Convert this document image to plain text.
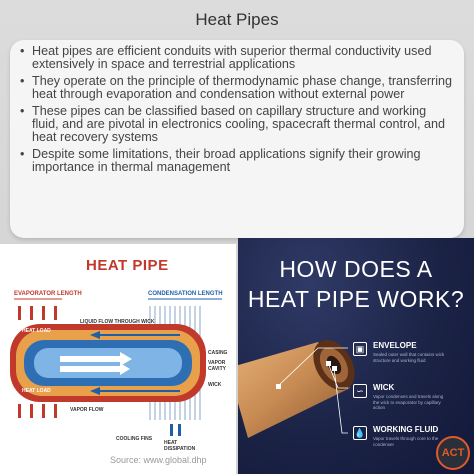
Heat Pipes
• Heat pipes are efficient conduits with superior thermal conductivity used extensively in space and terrestrial applications
• They operate on the principle of thermodynamic phase change, transferring heat through evaporation and condensation without external power
• These pipes can be classified based on capillary structure and working fluid, and are pivotal in electronics cooling, spacecraft thermal control, and heat recovery systems
• Despite some limitations, their broad applications signify their growing importance in thermal management
HEAT PIPE
EVAPORATOR LENGTH	CONDENSATION LENGTH
HEAT LOAD
HEAT LOAD
LIQUID FLOW THROUGH WICK
CASING
VAPOR CAVITY
WICK
VAPOR FLOW
COOLING FINS
HEAT DISSIPATION
Source: www.global.dhp
▣	ENVELOPE
Sealed outer wall that contains wick structure and working fluid
∽	WICK
Vapor condenses and travels along the wick to evaporator by capillary action
💧 WORKING FLUID
Vapor travels through core to the condenser
HOW DOES A
HEAT PIPE WORK?
ACT
